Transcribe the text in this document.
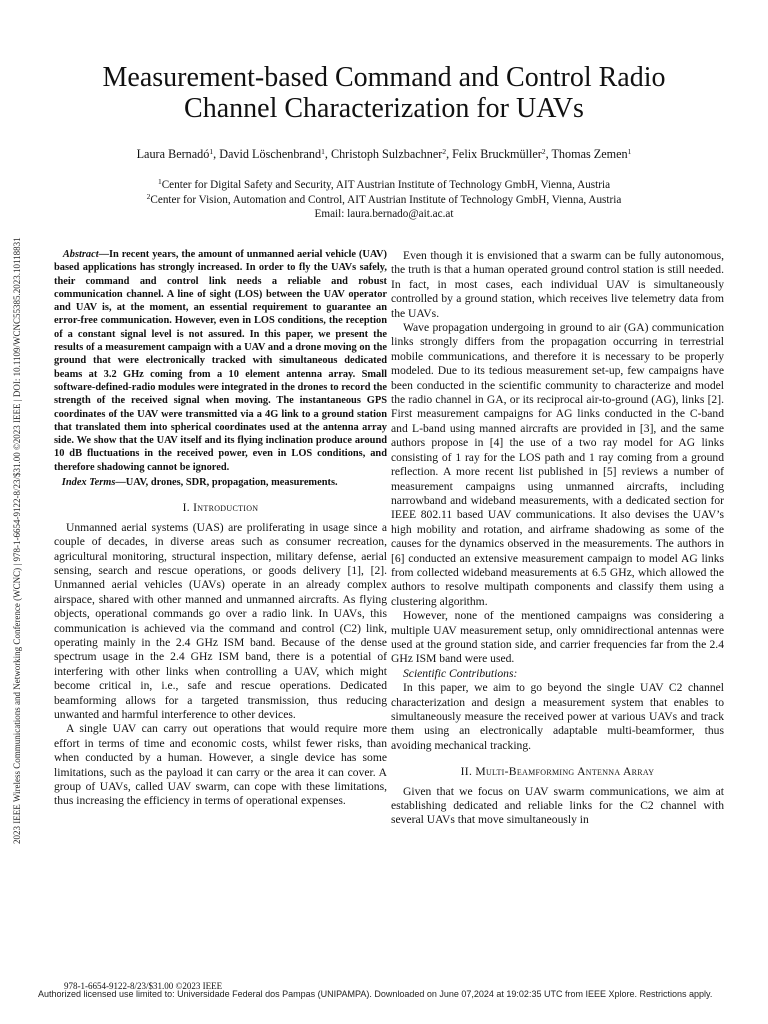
2023 IEEE Wireless Communications and Networking Conference (WCNC) | 978-1-6654-9122-8/23/$31.00 ©2023 IEEE | DOI: 10.1109/WCNC55385.2023.10118831
Measurement-based Command and Control Radio
Channel Characterization for UAVs
Laura Bernadó$^1$, David Löschenbrand$^1$, Christoph Sulzbachner$^2$, Felix Bruckmüller$^2$, Thomas Zemen$^1$
$^1$Center for Digital Safety and Security, AIT Austrian Institute of Technology GmbH, Vienna, Austria
$^2$Center for Vision, Automation and Control, AIT Austrian Institute of Technology GmbH, Vienna, Austria
Email: laura.bernado@ait.ac.at
Abstract—In recent years, the amount of unmanned aerial vehicle (UAV) based applications has strongly increased. In order to fly the UAVs safely, their command and control link needs a reliable and robust communication channel. A line of sight (LOS) between the UAV operator and UAV is, at the moment, an essential requirement to guarantee an error-free communication. However, even in LOS conditions, the reception of a constant signal level is not assured. In this paper, we present the results of a measurement campaign with a UAV and a drone moving on the ground that were electronically tracked with simultaneous dedicated beams at 3.2 GHz coming from a 10 element antenna array. Small software-defined-radio modules were integrated in the drones to record the strength of the received signal when moving. The instantaneous GPS coordinates of the UAV were transmitted via a 4G link to a ground station that translated them into spherical coordinates used at the antenna array side. We show that the UAV itself and its flying inclination produce around 10 dB fluctuations in the received power, even in LOS conditions, and therefore shadowing cannot be ignored.
Index Terms—UAV, drones, SDR, propagation, measurements.
I. Introduction

Unmanned aerial systems (UAS) are proliferating in usage since a couple of decades, in diverse areas such as consumer recreation, agricultural monitoring, structural inspection, military defense, aerial sensing, search and rescue operations, or goods delivery [1], [2]. Unmanned aerial vehicles (UAVs) operate in an already complex airspace, shared with other manned and unmanned aircrafts. As flying objects, operational commands go over a radio link. In UAVs, this communication is achieved via the command and control (C2) link, operating mainly in the 2.4 GHz ISM band. Because of the dense spectrum usage in the 2.4 GHz ISM band, there is a potential of interfering with other links when controlling a UAV, which might become critical in, i.e., safe and rescue operations. Dedicated beamforming allows for a targeted transmission, thus reducing unwanted and harmful interference to other devices.

A single UAV can carry out operations that would require more effort in terms of time and economic costs, whilst fewer risks, than when conducted by a human. However, a single device has some limitations, such as the payload it can carry or the area it can cover. A group of UAVs, called UAV swarm, can cope with these limitations, thus increasing the efficiency in terms of operational expenses.

Even though it is envisioned that a swarm can be fully autonomous, the truth is that a human operated ground control station is still needed. In fact, in most cases, each individual UAV is simultaneously controlled by a ground station, which receives live telemetry data from the UAVs.

Wave propagation undergoing in ground to air (GA) communication links strongly differs from the propagation occurring in terrestrial mobile communications, and therefore it is necessary to be properly modeled. Due to its tedious measurement set-up, few campaigns have been conducted in the scientific community to characterize and model the radio channel in GA, or its reciprocal air-to-ground (AG), links [2]. First measurement campaigns for AG links conducted in the C-band and L-band using manned aircrafts are provided in [3], and the same authors propose in [4] the use of a two ray model for AG links consisting of 1 ray for the LOS path and 1 ray coming from a ground reflection. A more recent list published in [5] reviews a number of measurement campaigns using unmanned aircrafts, including narrowband and wideband measurements, with a dedicated section for IEEE 802.11 based UAV communications. It also devises the UAV’s high mobility and rotation, and airframe shadowing as some of the causes for the dynamics observed in the measurements. The authors in [6] conducted an extensive measurement campaign to model AG links from collected wideband measurements at 6.5 GHz, which allowed the authors to resolve multipath components and classify them using a clustering algorithm.

However, none of the mentioned campaigns was considering a multiple UAV measurement setup, only omnidirectional antennas were used at the ground station side, and carrier frequencies far from the 2.4 GHz ISM band were used.

Scientific Contributions:

In this paper, we aim to go beyond the single UAV C2 channel characterization and design a measurement system that enables to simultaneously measure the received power at various UAVs and track them using an electronically adaptable multi-beamformer, thus avoiding mechanical tracking.

II. Multi-Beamforming Antenna Array

Given that we focus on UAV swarm communications, we aim at establishing dedicated and reliable links for the C2 channel with several UAVs that move simultaneously in

978-1-6654-9122-8/23/$31.00 ©2023 IEEE
Authorized licensed use limited to: Universidade Federal dos Pampas (UNIPAMPA). Downloaded on June 07,2024 at 19:02:35 UTC from IEEE Xplore. Restrictions apply.
